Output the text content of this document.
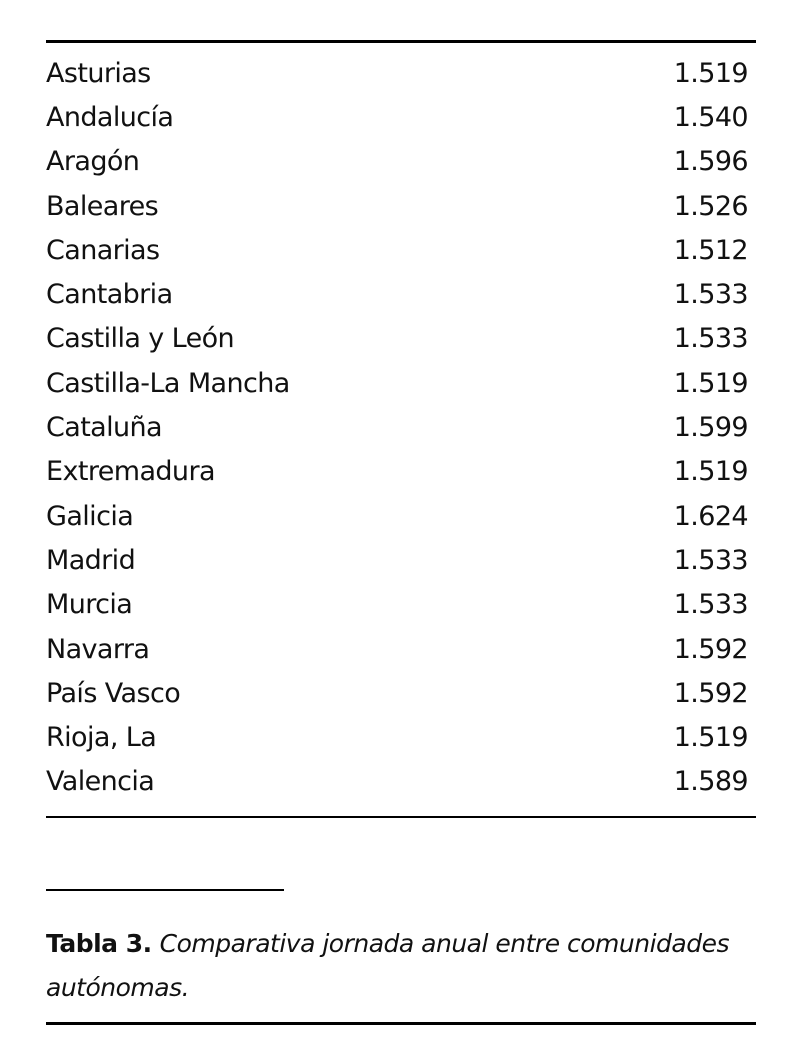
Asturias	1.519
Andalucía	1.540
Aragón	1.596
Baleares	1.526
Canarias	1.512
Cantabria	1.533
Castilla y León	1.533
Castilla-La Mancha	1.519
Cataluña	1.599
Extremadura	1.519
Galicia	1.624
Madrid	1.533
Murcia	1.533
Navarra	1.592
País Vasco	1.592
Rioja, La	1.519
Valencia	1.589
Tabla 3. Comparativa jornada anual entre comunidades autónomas.
